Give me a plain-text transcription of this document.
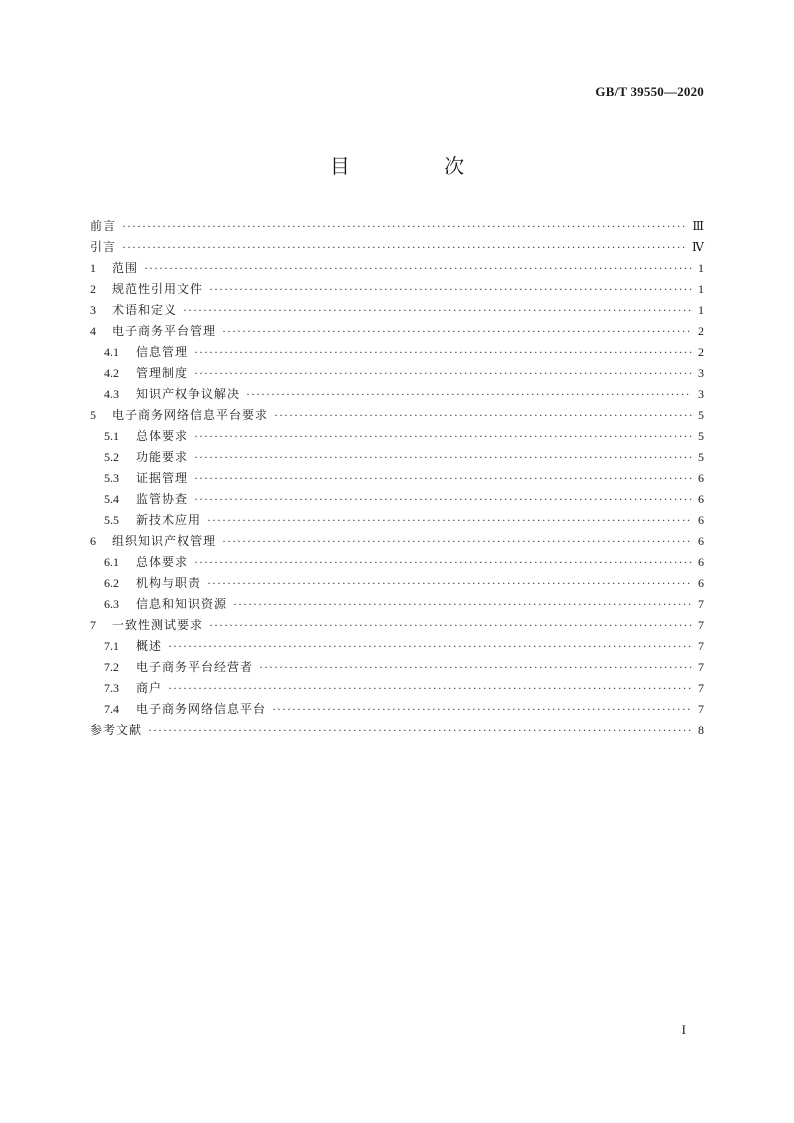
GB/T 39550—2020
目 次
前言 ·····	Ⅲ
引言 ·····	Ⅳ
1	范围 ·····	1
2	规范性引用文件 ·····	1
3	术语和定义 ·····	1
4	电子商务平台管理 ·····	2
4.1	信息管理 ·····	2
4.2	管理制度 ·····	3
4.3	知识产权争议解决 ·····	3
5	电子商务网络信息平台要求 ·····	5
5.1	总体要求 ·····	5
5.2	功能要求 ·····	5
5.3	证据管理 ·····	6
5.4	监管协查 ·····	6
5.5	新技术应用 ·····	6
6	组织知识产权管理 ·····	6
6.1	总体要求 ·····	6
6.2	机构与职责 ·····	6
6.3	信息和知识资源 ·····	7
7	一致性测试要求 ·····	7
7.1	概述 ·····	7
7.2	电子商务平台经营者 ·····	7
7.3	商户 ·····	7
7.4	电子商务网络信息平台 ·····	7
参考文献 ·····	8
I
